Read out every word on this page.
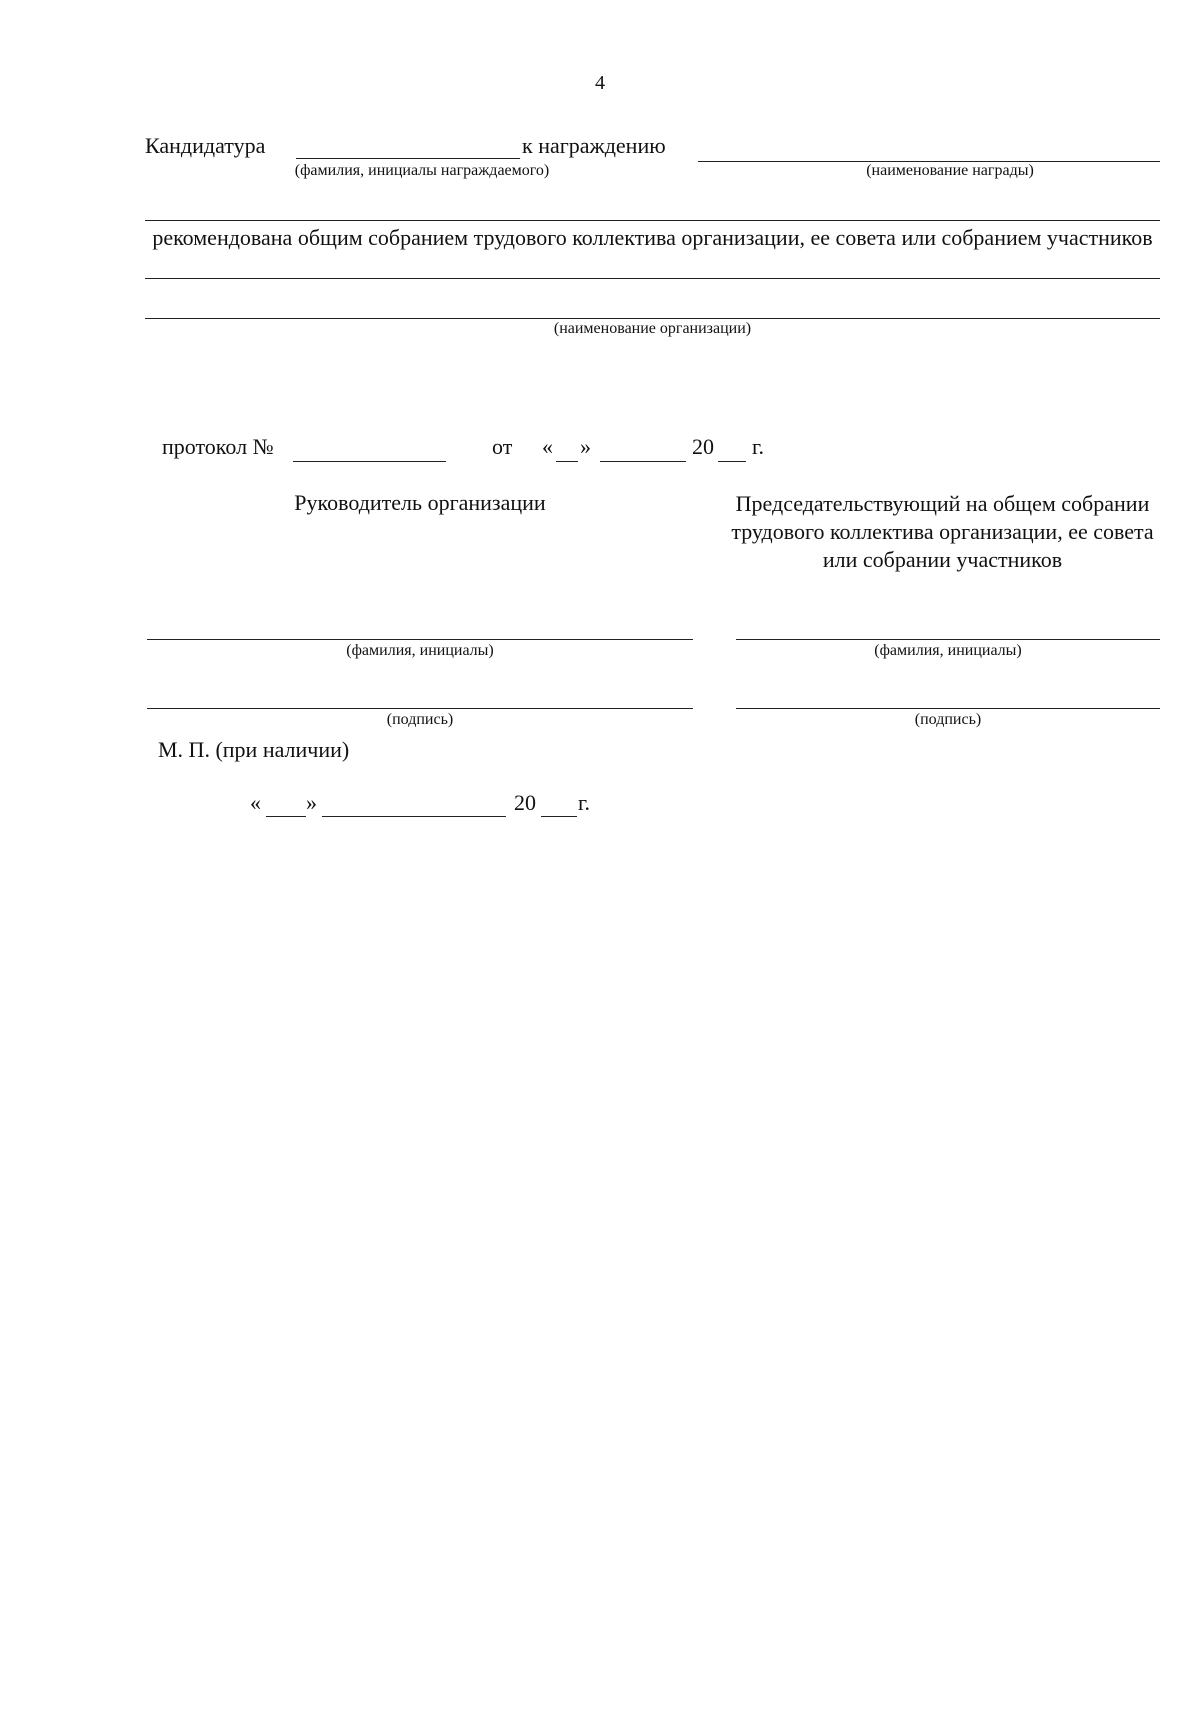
4
Кандидатура	к награждению
(фамилия, инициалы награждаемого)	(наименование награды)
рекомендована общим собранием трудового коллектива организации, ее совета или собранием участников
(наименование организации)
протокол №	от « »	20 г.
Руководитель организации	Председательствующий на общем собрании трудового коллектива организации, ее совета или собрании участников
(фамилия, инициалы)	(фамилия, инициалы)
(подпись)	(подпись)
М. П. (при наличии)
« »	20 г.
